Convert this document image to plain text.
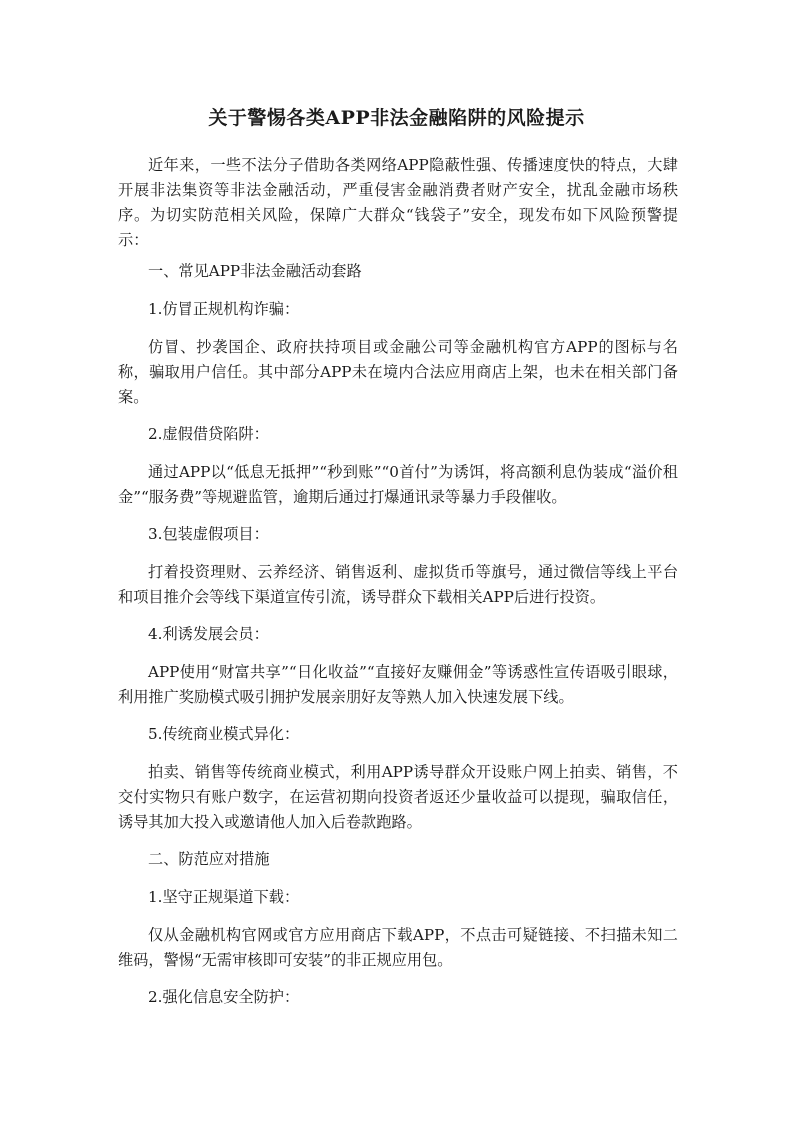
关于警惕各类APP非法金融陷阱的风险提示

近年来，一些不法分子借助各类网络APP隐蔽性强、传播速度快的特点，大肆开展非法集资等非法金融活动，严重侵害金融消费者财产安全，扰乱金融市场秩序。为切实防范相关风险，保障广大群众“钱袋子”安全，现发布如下风险预警提示：

一、常见APP非法金融活动套路
1.仿冒正规机构诈骗：

仿冒、抄袭国企、政府扶持项目或金融公司等金融机构官方APP的图标与名称，骗取用户信任。其中部分APP未在境内合法应用商店上架，也未在相关部门备案。

2.虚假借贷陷阱：

通过APP以“低息无抵押”“秒到账”“0首付”为诱饵，将高额利息伪装成“溢价租金”“服务费”等规避监管，逾期后通过打爆通讯录等暴力手段催收。

3.包装虚假项目：

打着投资理财、云养经济、销售返利、虚拟货币等旗号，通过微信等线上平台和项目推介会等线下渠道宣传引流，诱导群众下载相关APP后进行投资。

4.利诱发展会员：

APP使用“财富共享”“日化收益”“直接好友赚佣金”等诱惑性宣传语吸引眼球，利用推广奖励模式吸引拥护发展亲朋好友等熟人加入快速发展下线。

5.传统商业模式异化：

拍卖、销售等传统商业模式，利用APP诱导群众开设账户网上拍卖、销售，不交付实物只有账户数字，在运营初期向投资者返还少量收益可以提现，骗取信任，诱导其加大投入或邀请他人加入后卷款跑路。

二、防范应对措施
1.坚守正规渠道下载：

仅从金融机构官网或官方应用商店下载APP，不点击可疑链接、不扫描未知二维码，警惕“无需审核即可安装”的非正规应用包。

2.强化信息安全防护：
